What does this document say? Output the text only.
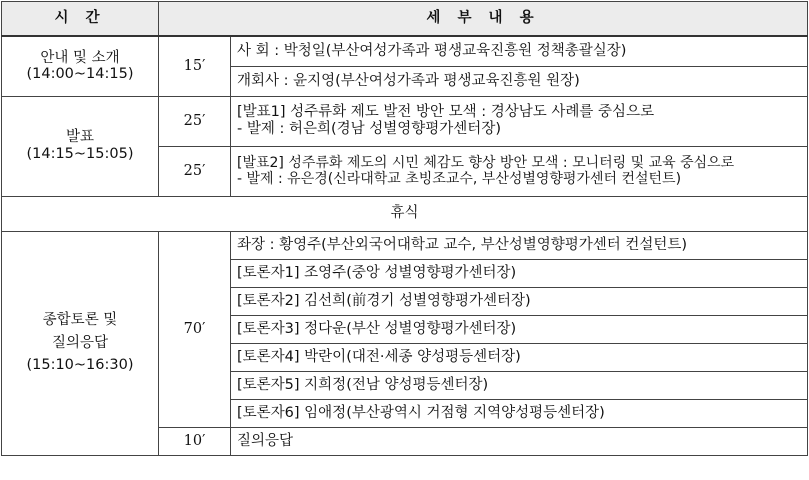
시 간	세 부 내 용	

안내 및 소개
(14:00~14:15)	15′	사 회 : 박청일(부산여성가족과 평생교육진흥원 정책총괄실장)
		개회사 : 윤지영(부산여성가족과 평생교육진흥원 원장)

발표
(14:15~15:05)	25′	[발표1] 성주류화 제도 발전 방안 모색 : 경상남도 사례를 중심으로
- 발제 : 허은희(경남 성별영향평가센터장)

	25′	[발표2] 성주류화 제도의 시민 체감도 향상 방안 모색 : 모니터링 및 교육 중심으로
- 발제 : 유은경(신라대학교 초빙조교수, 부산성별영향평가센터 컨설턴트)

휴식		

종합토론 및
질의응답
(15:10~16:30)	70′	좌장 : 황영주(부산외국어대학교 교수, 부산성별영향평가센터 컨설턴트)
		[토론자1] 조영주(중앙 성별영향평가센터장)
		[토론자2] 김선희(前경기 성별영향평가센터장)
		[토론자3] 정다운(부산 성별영향평가센터장)
		[토론자4] 박란이(대전·세종 양성평등센터장)
		[토론자5] 지희정(전남 양성평등센터장)
		[토론자6] 임애정(부산광역시 거점형 지역양성평등센터장)
	10′	질의응답
